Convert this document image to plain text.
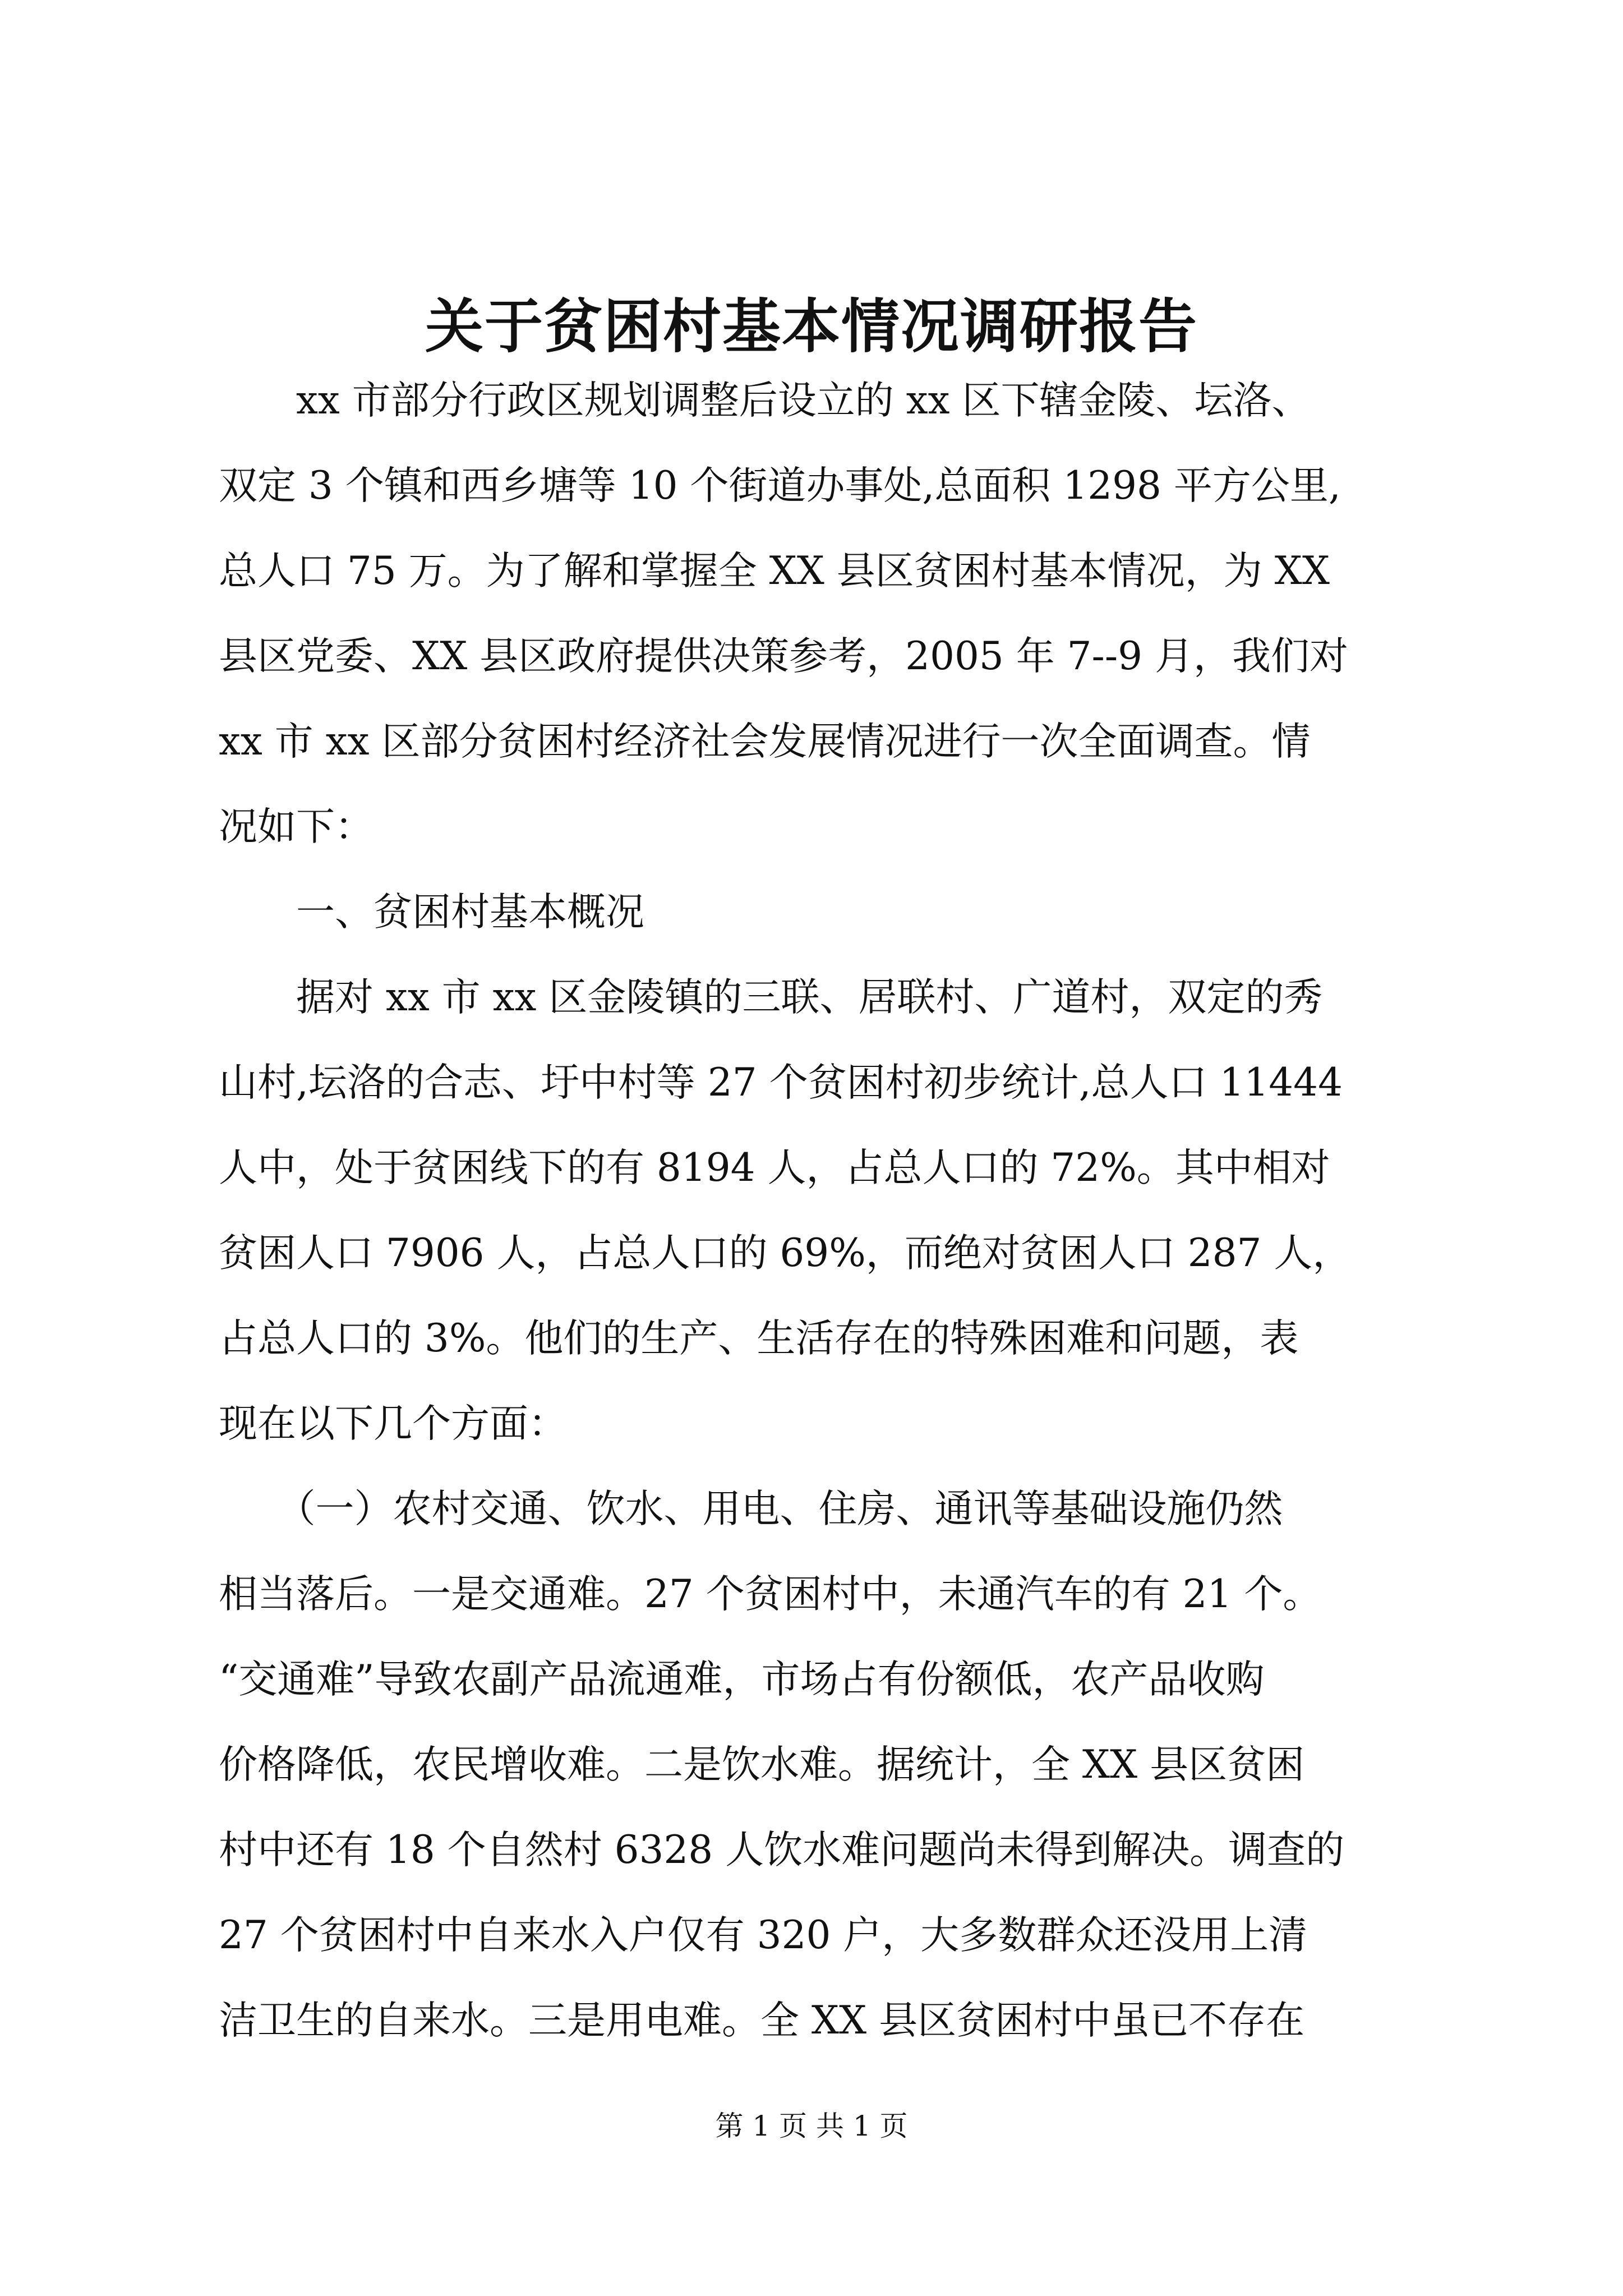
关于贫困村基本情况调研报告
　　xx 市部分行政区规划调整后设立的 xx 区下辖金陵、坛洛、
双定 3 个镇和西乡塘等 10 个街道办事处,总面积 1298 平方公里,
总人口 75 万。为了解和掌握全 XX 县区贫困村基本情况，为 XX
县区党委、XX 县区政府提供决策参考，2005 年 7--9 月，我们对
xx 市 xx 区部分贫困村经济社会发展情况进行一次全面调查。情
况如下：
　　一、贫困村基本概况
　　据对 xx 市 xx 区金陵镇的三联、居联村、广道村，双定的秀
山村,坛洛的合志、圩中村等 27 个贫困村初步统计,总人口 11444
人中，处于贫困线下的有 8194 人，占总人口的 72%。其中相对
贫困人口 7906 人，占总人口的 69%，而绝对贫困人口 287 人，
占总人口的 3%。他们的生产、生活存在的特殊困难和问题，表
现在以下几个方面：
　　（一）农村交通、饮水、用电、住房、通讯等基础设施仍然
相当落后。一是交通难。27 个贫困村中，未通汽车的有 21 个。
“交通难”导致农副产品流通难，市场占有份额低，农产品收购
价格降低，农民增收难。二是饮水难。据统计，全 XX 县区贫困
村中还有 18 个自然村 6328 人饮水难问题尚未得到解决。调查的
27 个贫困村中自来水入户仅有 320 户，大多数群众还没用上清
洁卫生的自来水。三是用电难。全 XX 县区贫困村中虽已不存在
第 1 页 共 1 页
